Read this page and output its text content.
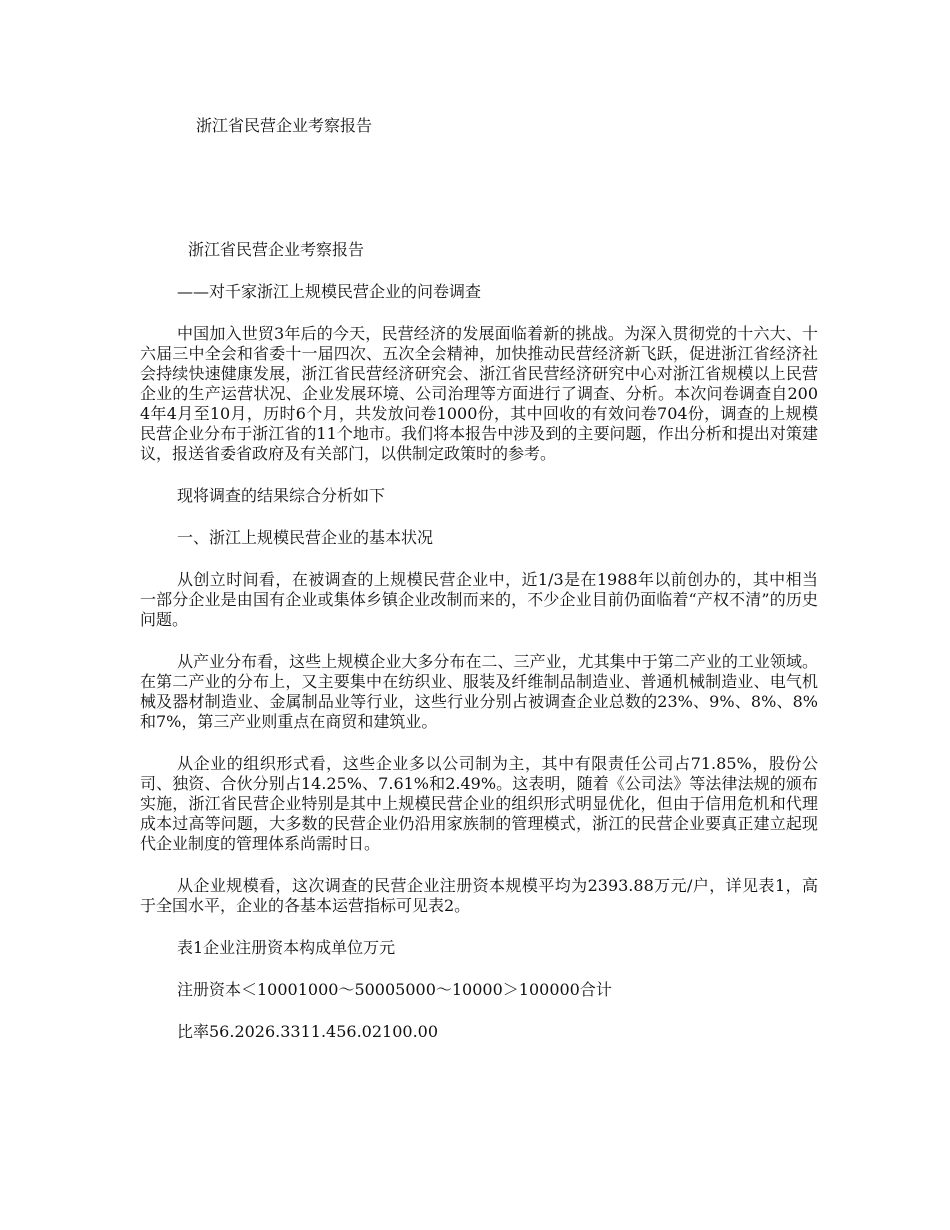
浙江省民营企业考察报告

浙江省民营企业考察报告

——对千家浙江上规模民营企业的问卷调查

中国加入世贸3年后的今天，民营经济的发展面临着新的挑战。为深入贯彻党的十六大、十六届三中全会和省委十一届四次、五次全会精神，加快推动民营经济新飞跃，促进浙江省经济社会持续快速健康发展，浙江省民营经济研究会、浙江省民营经济研究中心对浙江省规模以上民营企业的生产运营状况、企业发展环境、公司治理等方面进行了调查、分析。本次问卷调查自2004年4月至10月，历时6个月，共发放问卷1000份，其中回收的有效问卷704份，调查的上规模民营企业分布于浙江省的11个地市。我们将本报告中涉及到的主要问题，作出分析和提出对策建议，报送省委省政府及有关部门，以供制定政策时的参考。

现将调查的结果综合分析如下

一、浙江上规模民营企业的基本状况

从创立时间看，在被调查的上规模民营企业中，近1/3是在1988年以前创办的，其中相当一部分企业是由国有企业或集体乡镇企业改制而来的，不少企业目前仍面临着“产权不清”的历史问题。

从产业分布看，这些上规模企业大多分布在二、三产业，尤其集中于第二产业的工业领域。在第二产业的分布上，又主要集中在纺织业、服装及纤维制品制造业、普通机械制造业、电气机械及器材制造业、金属制品业等行业，这些行业分别占被调查企业总数的23%、9%、8%、8%和7%，第三产业则重点在商贸和建筑业。

从企业的组织形式看，这些企业多以公司制为主，其中有限责任公司占71.85%，股份公司、独资、合伙分别占14.25%、7.61%和2.49%。这表明，随着《公司法》等法律法规的颁布实施，浙江省民营企业特别是其中上规模民营企业的组织形式明显优化，但由于信用危机和代理成本过高等问题，大多数的民营企业仍沿用家族制的管理模式，浙江的民营企业要真正建立起现代企业制度的管理体系尚需时日。

从企业规模看，这次调查的民营企业注册资本规模平均为2393.88万元/户，详见表1，高于全国水平，企业的各基本运营指标可见表2。

表1企业注册资本构成单位万元

注册资本＜10001000～50005000～10000＞100000合计

比率56.2026.3311.456.02100.00
